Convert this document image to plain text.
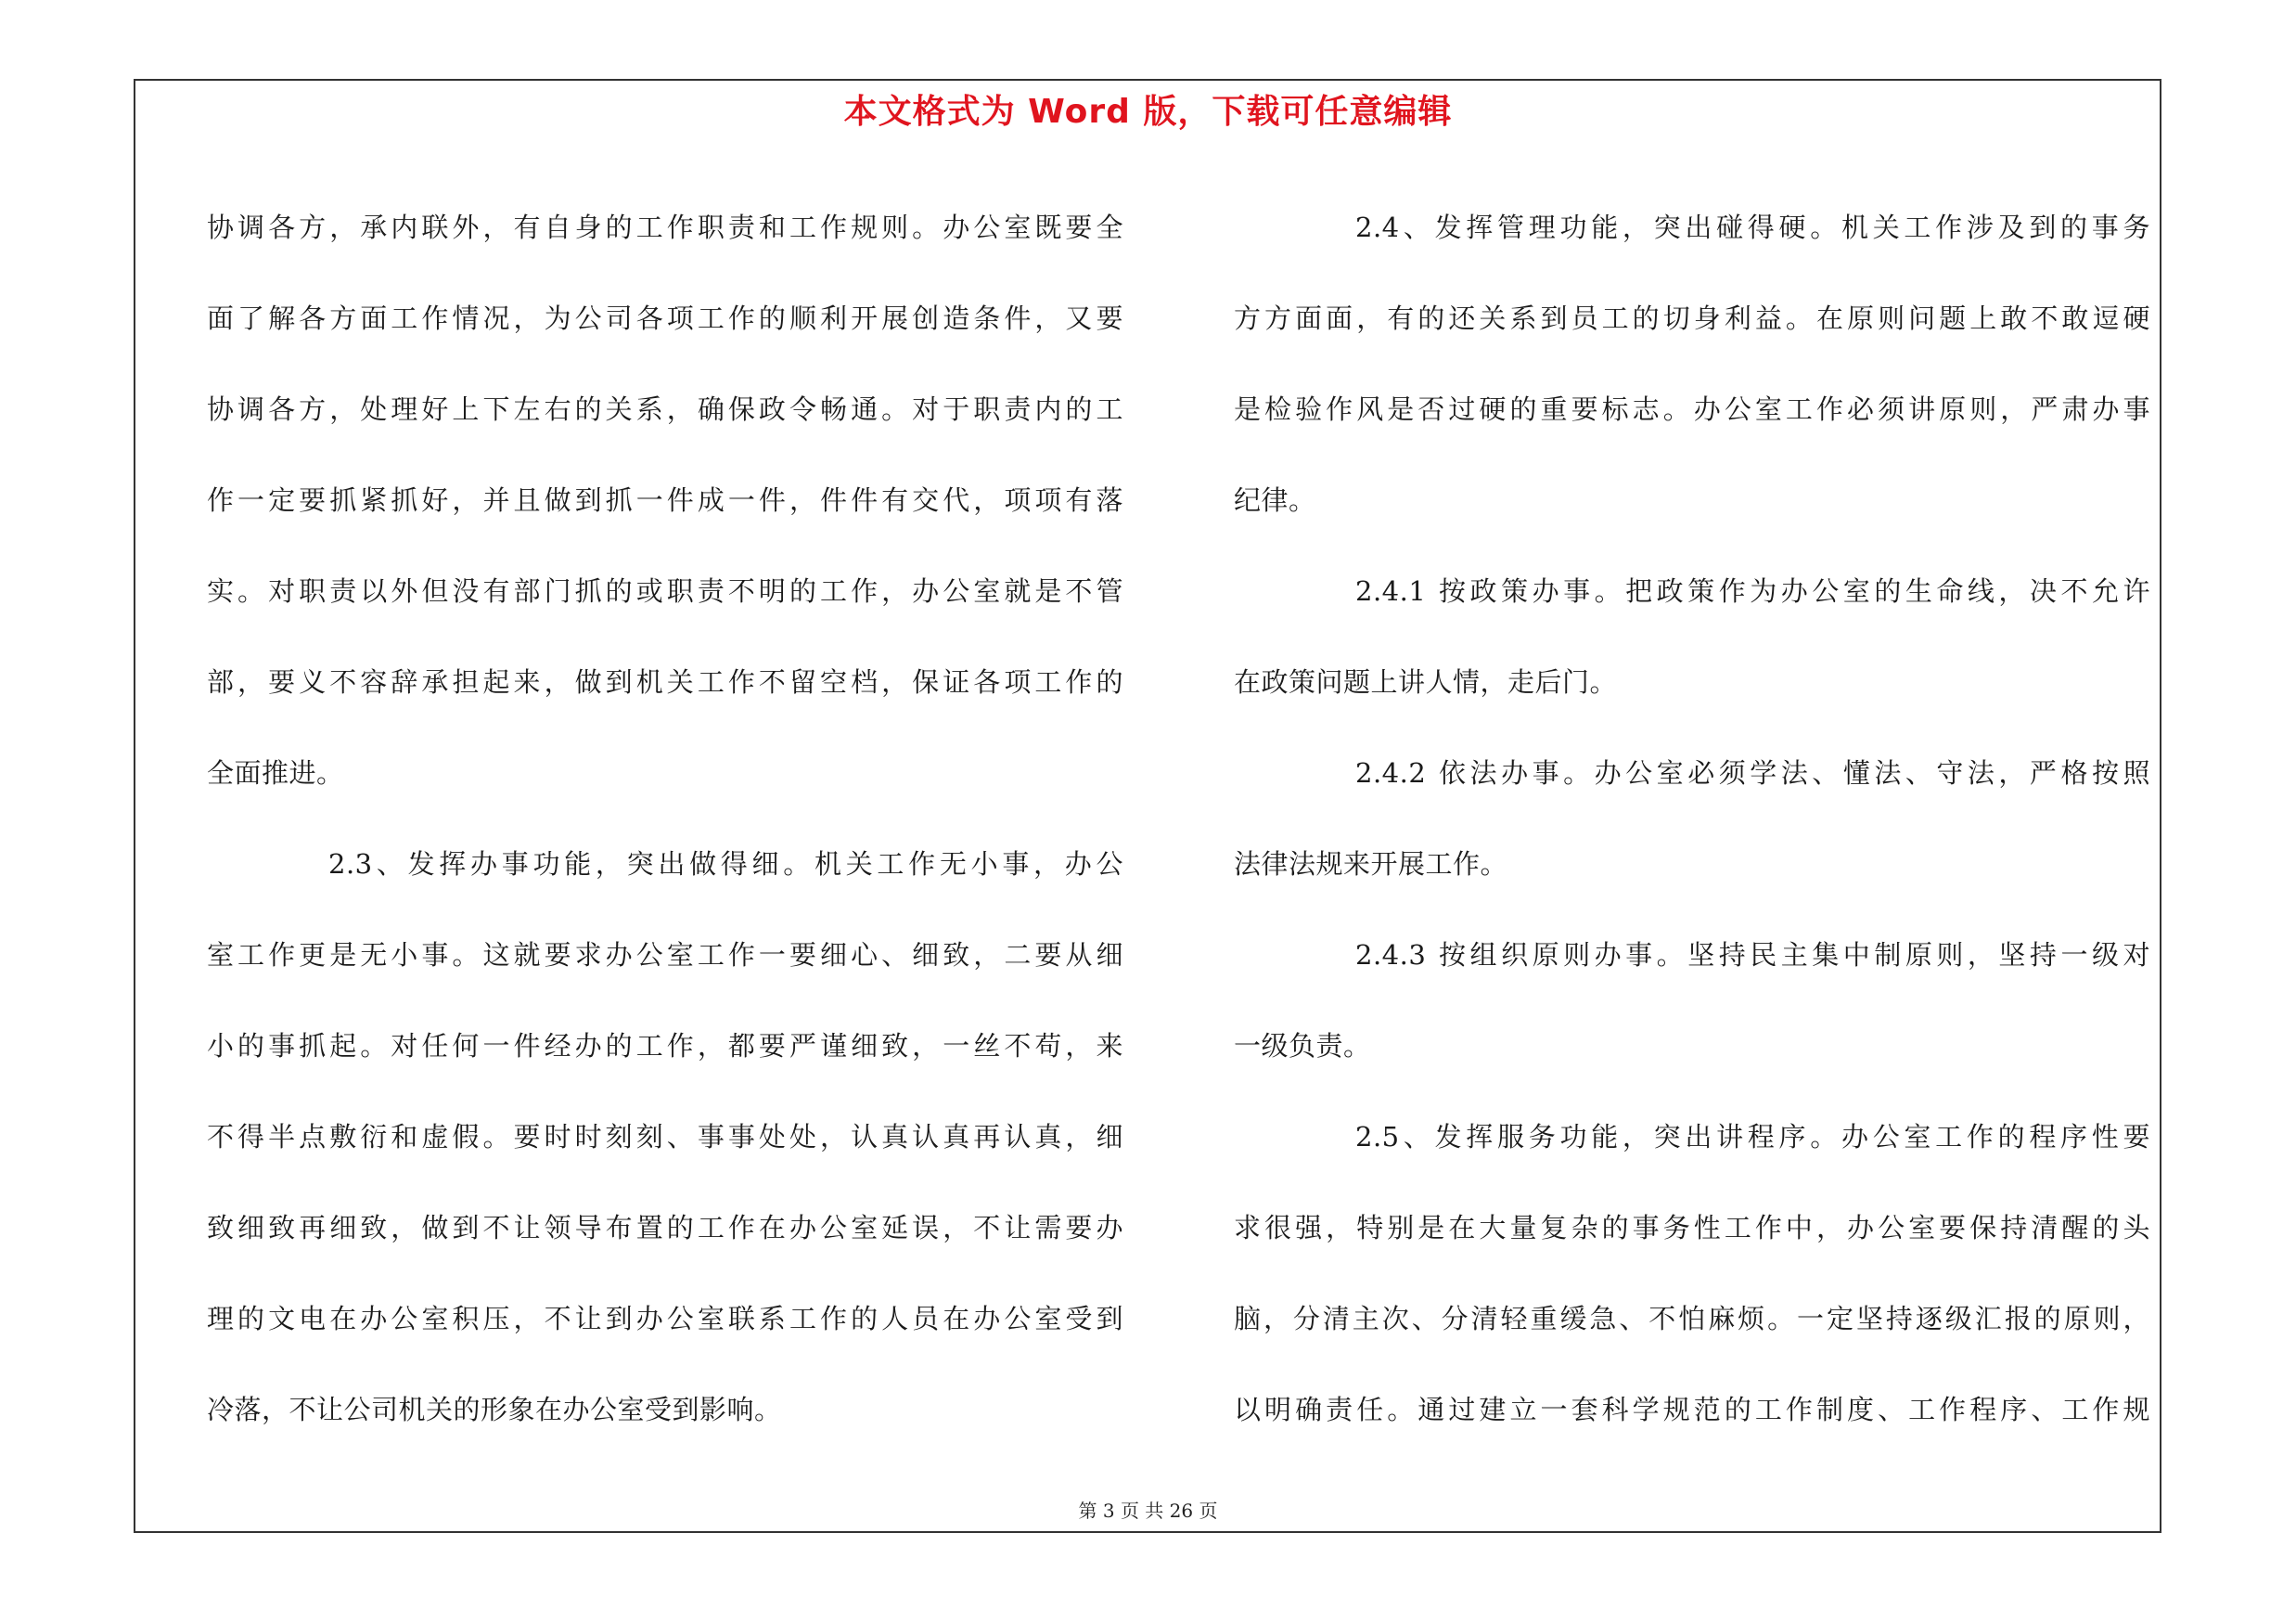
本文格式为 Word 版，下载可任意编辑
协调各方，承内联外，有自身的工作职责和工作规则。办公室既要全
面了解各方面工作情况，为公司各项工作的顺利开展创造条件，又要
协调各方，处理好上下左右的关系，确保政令畅通。对于职责内的工
作一定要抓紧抓好，并且做到抓一件成一件，件件有交代，项项有落
实。对职责以外但没有部门抓的或职责不明的工作，办公室就是不管
部，要义不容辞承担起来，做到机关工作不留空档，保证各项工作的
全面推进。
2.3、发挥办事功能，突出做得细。机关工作无小事，办公
室工作更是无小事。这就要求办公室工作一要细心、细致，二要从细
小的事抓起。对任何一件经办的工作，都要严谨细致，一丝不苟，来
不得半点敷衍和虚假。要时时刻刻、事事处处，认真认真再认真，细
致细致再细致，做到不让领导布置的工作在办公室延误，不让需要办
理的文电在办公室积压，不让到办公室联系工作的人员在办公室受到
冷落，不让公司机关的形象在办公室受到影响。
2.4、发挥管理功能，突出碰得硬。机关工作涉及到的事务
方方面面，有的还关系到员工的切身利益。在原则问题上敢不敢逗硬
是检验作风是否过硬的重要标志。办公室工作必须讲原则，严肃办事
纪律。
2.4.1 按政策办事。把政策作为办公室的生命线，决不允许
在政策问题上讲人情，走后门。
2.4.2 依法办事。办公室必须学法、懂法、守法，严格按照
法律法规来开展工作。
2.4.3 按组织原则办事。坚持民主集中制原则，坚持一级对
一级负责。
2.5、发挥服务功能，突出讲程序。办公室工作的程序性要
求很强，特别是在大量复杂的事务性工作中，办公室要保持清醒的头
脑，分清主次、分清轻重缓急、不怕麻烦。一定坚持逐级汇报的原则，
以明确责任。通过建立一套科学规范的工作制度、工作程序、工作规
第 3 页 共 26 页
